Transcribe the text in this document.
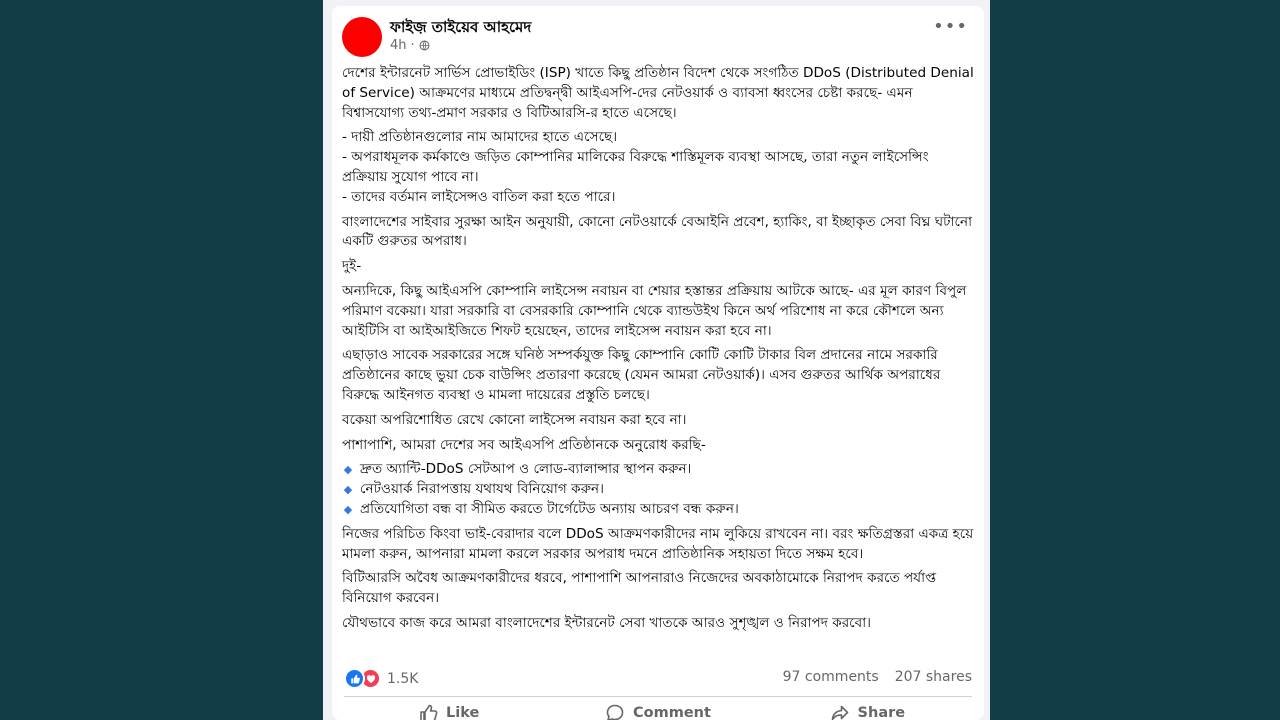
ফাইজ় তাইয়েব আহমেদ
4h ·
•••

দেশের ইন্টারনেট সার্ভিস প্রোভাইডিং (ISP) খাতে কিছু প্রতিষ্ঠান বিদেশ থেকে সংগঠিত DDoS (Distributed Denial of Service) আক্রমণের মাধ্যমে প্রতিদ্বন্দ্বী আইএসপি-দের নেটওয়ার্ক ও ব্যাবসা ধ্বংসের চেষ্টা করছে- এমন বিশ্বাসযোগ্য তথ্য-প্রমাণ সরকার ও বিটিআরসি-র হাতে এসেছে।

- দায়ী প্রতিষ্ঠানগুলোর নাম আমাদের হাতে এসেছে।
- অপরাধমূলক কর্মকাণ্ডে জড়িত কোম্পানির মালিকের বিরুদ্ধে শাস্তিমূলক ব্যবস্থা আসছে, তারা নতুন লাইসেন্সিং প্রক্রিয়ায় সুযোগ পাবে না।
- তাদের বর্তমান লাইসেন্সও বাতিল করা হতে পারে।

বাংলাদেশের সাইবার সুরক্ষা আইন অনুযায়ী, কোনো নেটওয়ার্কে বেআইনি প্রবেশ, হ্যাকিং, বা ইচ্ছাকৃত সেবা বিঘ্ন ঘটানো একটি গুরুতর অপরাধ।

দুই-

অন্যদিকে, কিছু আইএসপি কোম্পানি লাইসেন্স নবায়ন বা শেয়ার হস্তান্তর প্রক্রিয়ায় আটকে আছে- এর মূল কারণ বিপুল পরিমাণ বকেয়া। যারা সরকারি বা বেসরকারি কোম্পানি থেকে ব্যান্ডউইথ কিনে অর্থ পরিশোধ না করে কৌশলে অন্য আইটিসি বা আইআইজিতে শিফট হয়েছেন, তাদের লাইসেন্স নবায়ন করা হবে না।

এছাড়াও সাবেক সরকারের সঙ্গে ঘনিষ্ঠ সম্পর্কযুক্ত কিছু কোম্পানি কোটি কোটি টাকার বিল প্রদানের নামে সরকারি প্রতিষ্ঠানের কাছে ভুয়া চেক বাউন্সিং প্রতারণা করেছে (যেমন আমরা নেটওয়ার্ক)। এসব গুরুতর আর্থিক অপরাধের বিরুদ্ধে আইনগত ব্যবস্থা ও মামলা দায়েরের প্রস্তুতি চলছে।

বকেয়া অপরিশোধিত রেখে কোনো লাইসেন্স নবায়ন করা হবে না।

পাশাপাশি, আমরা দেশের সব আইএসপি প্রতিষ্ঠানকে অনুরোধ করছি-

◆ দ্রুত অ্যান্টি-DDoS সেটআপ ও লোড-ব্যালান্সার স্থাপন করুন।
◆ নেটওয়ার্ক নিরাপত্তায় যথাযথ বিনিয়োগ করুন।
◆ প্রতিযোগিতা বন্ধ বা সীমিত করতে টার্গেটেড অন্যায় আচরণ বন্ধ করুন।

নিজের পরিচিত কিংবা ভাই-বেরাদার বলে DDoS আক্রমণকারীদের নাম লুকিয়ে রাখবেন না। বরং ক্ষতিগ্রস্তরা একত্র হয়ে মামলা করুন, আপনারা মামলা করলে সরকার অপরাধ দমনে প্রাতিষ্ঠানিক সহায়তা দিতে সক্ষম হবে।

বিটিআরসি অবৈধ আক্রমণকারীদের ধরবে, পাশাপাশি আপনারাও নিজেদের অবকাঠামোকে নিরাপদ করতে পর্যাপ্ত বিনিয়োগ করবেন।

যৌথভাবে কাজ করে আমরা বাংলাদেশের ইন্টারনেট সেবা খাতকে আরও সুশৃঙ্খল ও নিরাপদ করবো।

1.5K	97 comments 207 shares
Like	Comment	Share
